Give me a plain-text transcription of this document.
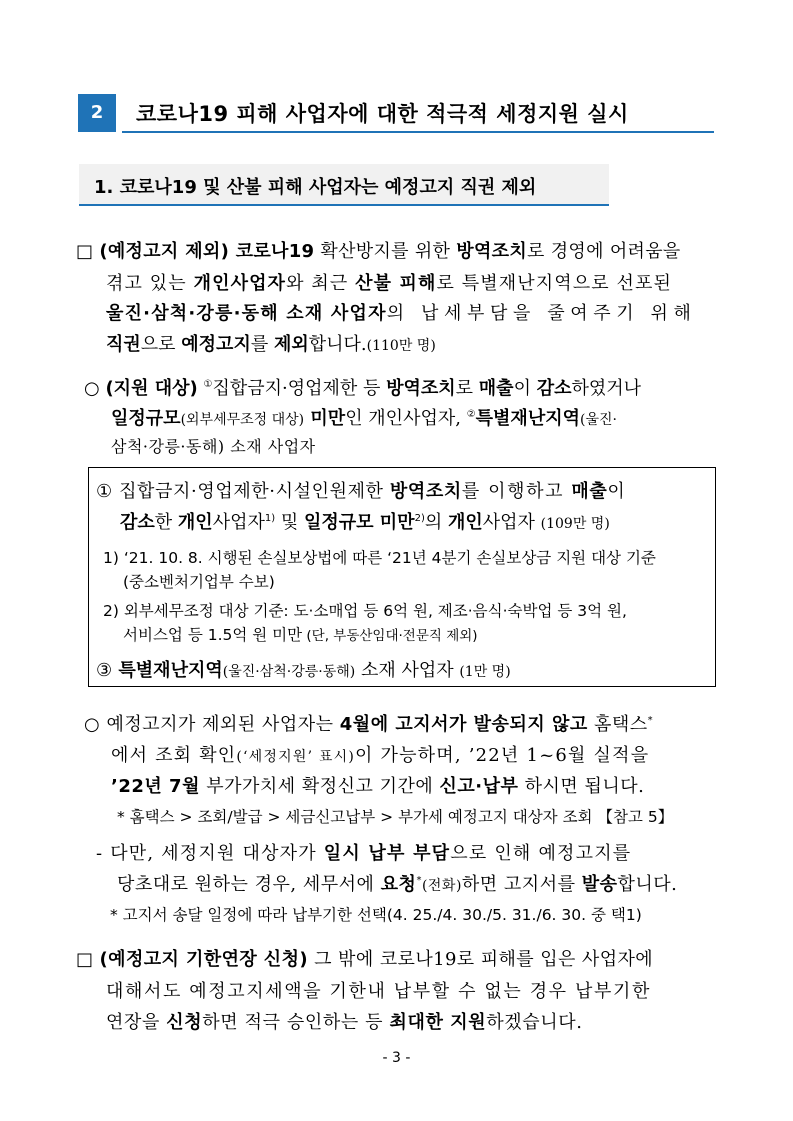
2	코로나19 피해 사업자에 대한 적극적 세정지원 실시
1. 코로나19 및 산불 피해 사업자는 예정고지 직권 제외
□ (예정고지 제외) 코로나19 확산방지를 위한 방역조치로 경영에 어려움을
겪고 있는 개인사업자와 최근 산불 피해로 특별재난지역으로 선포된
울진·삼척·강릉·동해 소재 사업자의 납세부담을 줄여주기 위해
직권으로 예정고지를 제외합니다.(110만 명)
○ (지원 대상) ①집합금지·영업제한 등 방역조치로 매출이 감소하였거나
일정규모(외부세무조정 대상) 미만인 개인사업자, ②특별재난지역(울진·
삼척·강릉·동해) 소재 사업자
① 집합금지·영업제한·시설인원제한 방역조치를 이행하고 매출이
감소한 개인사업자$^{1)}$ 및 일정규모 미만$^{2)}$의 개인사업자 (109만 명)
1) ‘21. 10. 8. 시행된 손실보상법에 따른 ‘21년 4분기 손실보상금 지원 대상 기준
(중소벤처기업부 수보)
2) 외부세무조정 대상 기준: 도·소매업 등 6억 원, 제조·음식·숙박업 등 3억 원,
서비스업 등 1.5억 원 미만 (단, 부동산임대·전문직 제외)
③ 특별재난지역(울진·삼척·강릉·동해) 소재 사업자 (1만 명)
○ 예정고지가 제외된 사업자는 4월에 고지서가 발송되지 않고 홈택스*
에서 조회 확인(‘세정지원’ 표시)이 가능하며, ’22년 1~6월 실적을
’22년 7월 부가가치세 확정신고 기간에 신고·납부 하시면 됩니다.
* 홈택스 > 조회/발급 > 세금신고납부 > 부가세 예정고지 대상자 조회 【참고 5】
- 다만, 세정지원 대상자가 일시 납부 부담으로 인해 예정고지를
당초대로 원하는 경우, 세무서에 요청*(전화)하면 고지서를 발송합니다.
* 고지서 송달 일정에 따라 납부기한 선택(4. 25./4. 30./5. 31./6. 30. 중 택1)
□ (예정고지 기한연장 신청) 그 밖에 코로나19로 피해를 입은 사업자에
대해서도 예정고지세액을 기한내 납부할 수 없는 경우 납부기한
연장을 신청하면 적극 승인하는 등 최대한 지원하겠습니다.
- 3 -
